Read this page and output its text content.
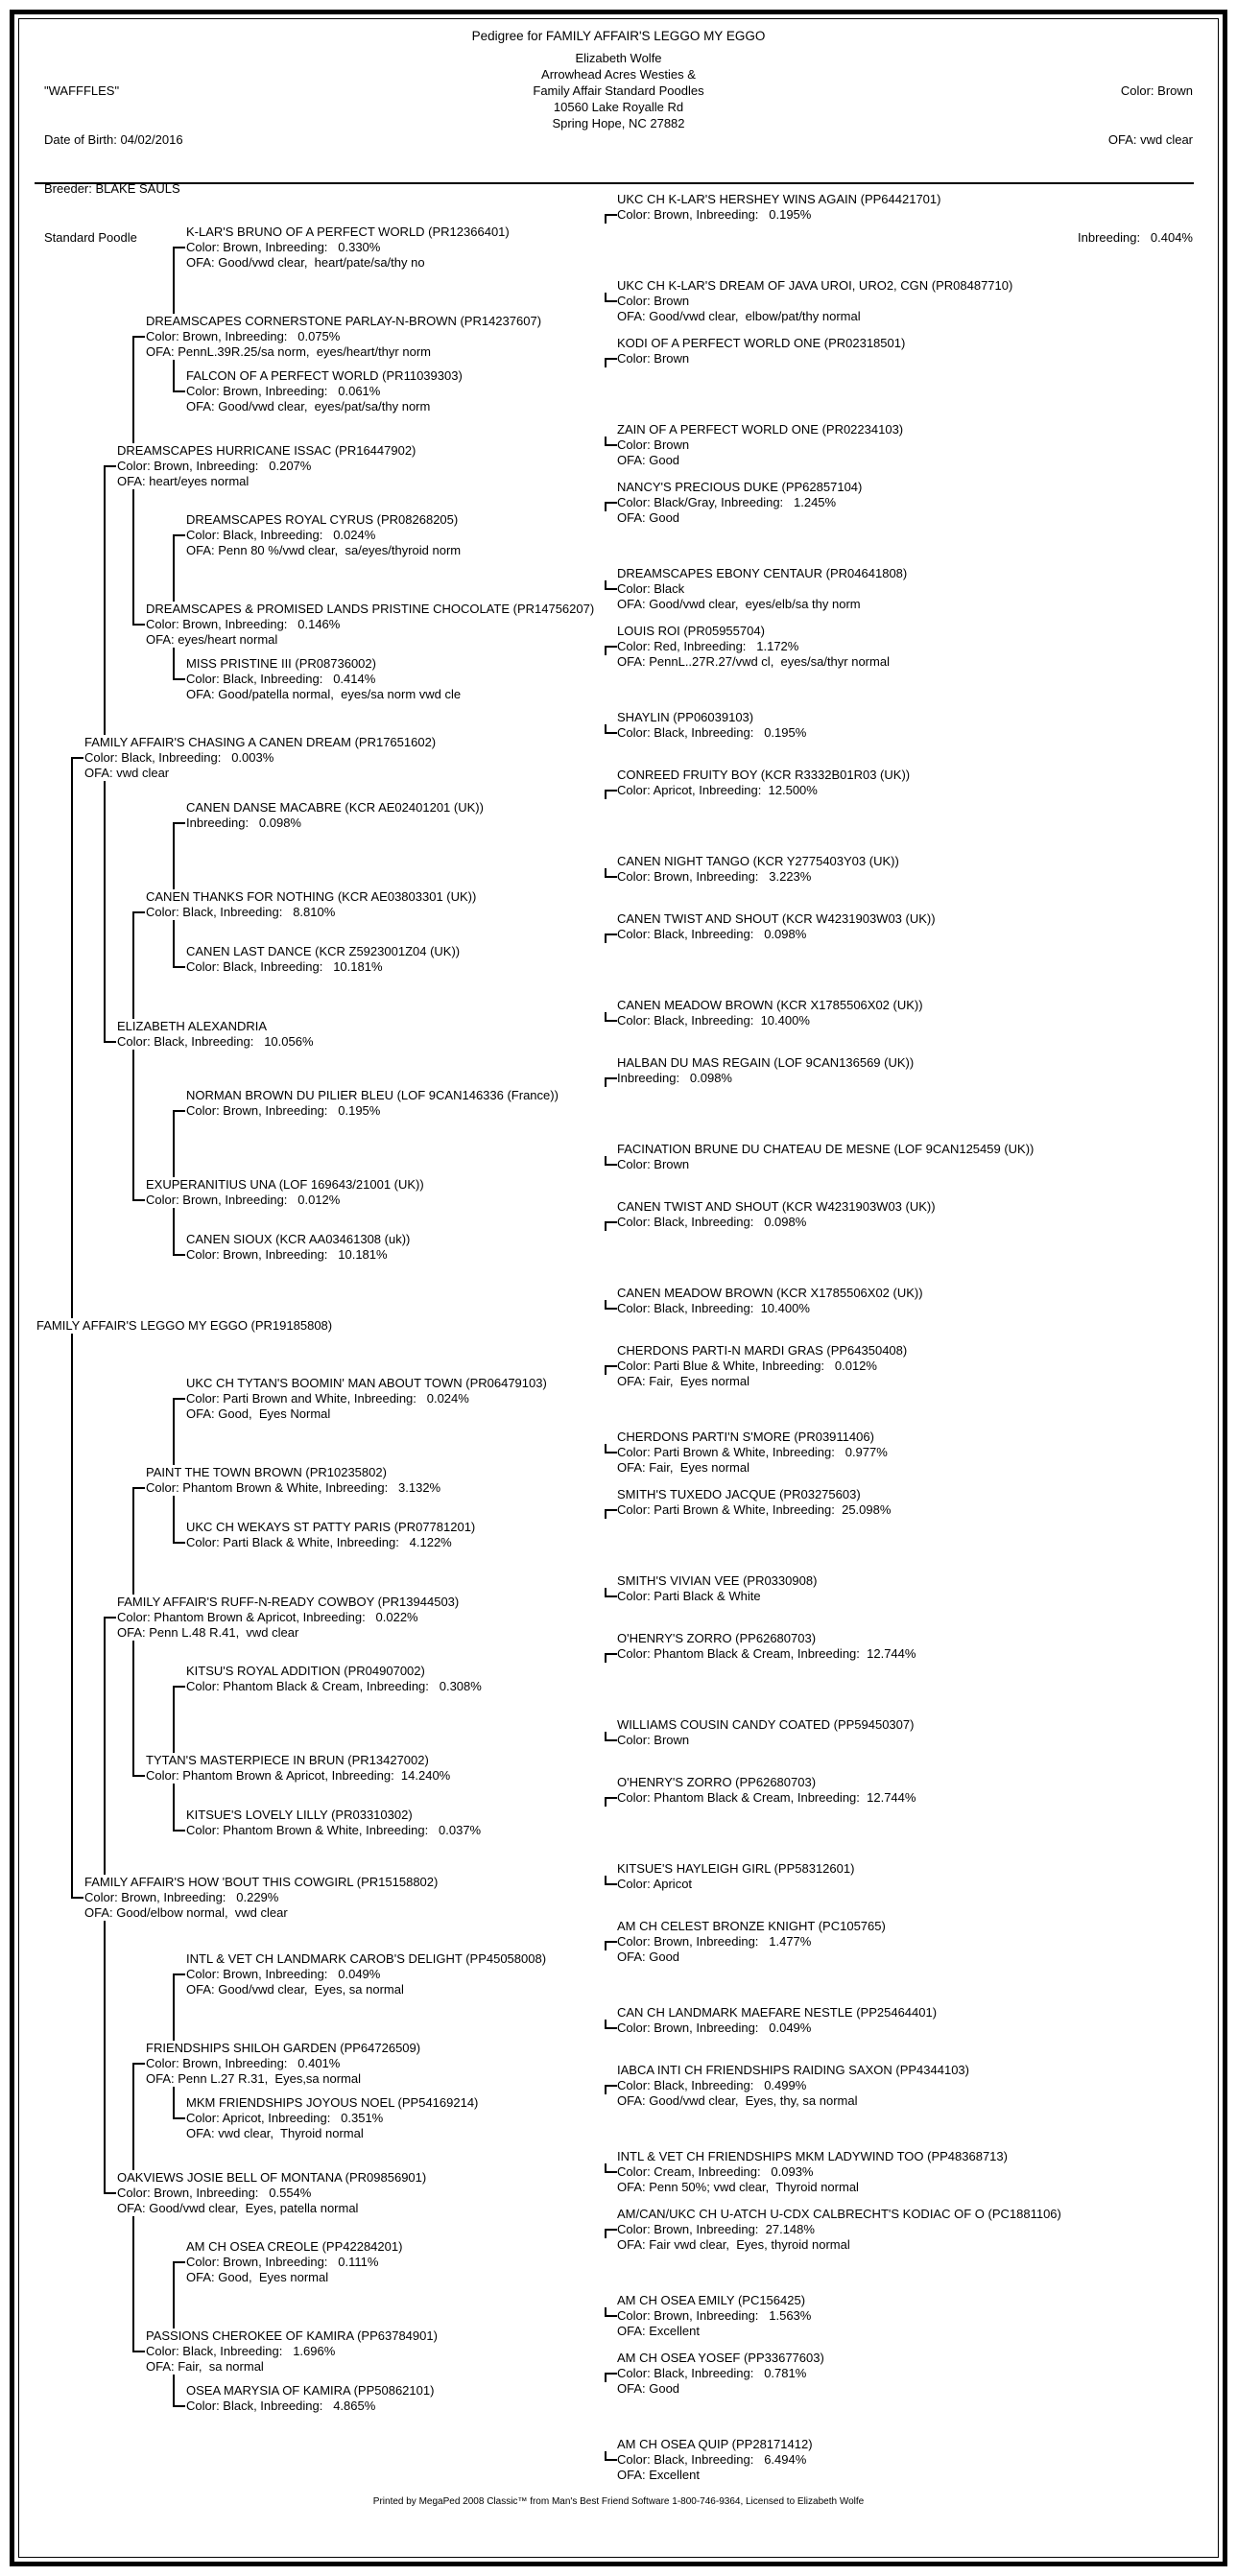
Pedigree for FAMILY AFFAIR'S LEGGO MY EGGO

"WAFFFLES"

Date of Birth: 04/02/2016

Breeder: BLAKE SAULS

Standard Poodle

Elizabeth Wolfe
Arrowhead Acres Westies &
Family Affair Standard Poodles
10560 Lake Royalle Rd
Spring Hope, NC 27882

Color: Brown

OFA: vwd clear

Inbreeding:   0.404%

FAMILY AFFAIR'S LEGGO MY EGGO (PR19185808)
FAMILY AFFAIR'S CHASING A CANEN DREAM (PR17651602)
Color: Black, Inbreeding:   0.003%
OFA: vwd clear
FAMILY AFFAIR'S HOW 'BOUT THIS COWGIRL (PR15158802)
Color: Brown, Inbreeding:   0.229%
OFA: Good/elbow normal,  vwd clear
DREAMSCAPES HURRICANE ISSAC (PR16447902)
Color: Brown, Inbreeding:   0.207%
OFA: heart/eyes normal
ELIZABETH ALEXANDRIA
Color: Black, Inbreeding:   10.056%
FAMILY AFFAIR'S RUFF-N-READY COWBOY (PR13944503)
Color: Phantom Brown & Apricot, Inbreeding:   0.022%
OFA: Penn L.48 R.41,  vwd clear
OAKVIEWS JOSIE BELL OF MONTANA (PR09856901)
Color: Brown, Inbreeding:   0.554%
OFA: Good/vwd clear,  Eyes, patella normal
DREAMSCAPES CORNERSTONE PARLAY-N-BROWN (PR14237607)
Color: Brown, Inbreeding:   0.075%
OFA: PennL.39R.25/sa norm,  eyes/heart/thyr norm
DREAMSCAPES & PROMISED LANDS PRISTINE CHOCOLATE (PR14756207)
Color: Brown, Inbreeding:   0.146%
OFA: eyes/heart normal
CANEN THANKS FOR NOTHING (KCR AE03803301 (UK))
Color: Black, Inbreeding:   8.810%
EXUPERANITIUS UNA (LOF 169643/21001 (UK))
Color: Brown, Inbreeding:   0.012%
PAINT THE TOWN BROWN (PR10235802)
Color: Phantom Brown & White, Inbreeding:   3.132%
TYTAN'S MASTERPIECE IN BRUN (PR13427002)
Color: Phantom Brown & Apricot, Inbreeding:  14.240%
FRIENDSHIPS SHILOH GARDEN (PP64726509)
Color: Brown, Inbreeding:   0.401%
OFA: Penn L.27 R.31,  Eyes,sa normal
PASSIONS CHEROKEE OF KAMIRA (PP63784901)
Color: Black, Inbreeding:   1.696%
OFA: Fair,  sa normal
K-LAR'S BRUNO OF A PERFECT WORLD (PR12366401)
Color: Brown, Inbreeding:   0.330%
OFA: Good/vwd clear,  heart/pate/sa/thy no
FALCON OF A PERFECT WORLD (PR11039303)
Color: Brown, Inbreeding:   0.061%
OFA: Good/vwd clear,  eyes/pat/sa/thy norm
DREAMSCAPES ROYAL CYRUS (PR08268205)
Color: Black, Inbreeding:   0.024%
OFA: Penn 80 %/vwd clear,  sa/eyes/thyroid norm
MISS PRISTINE III (PR08736002)
Color: Black, Inbreeding:   0.414%
OFA: Good/patella normal,  eyes/sa norm vwd cle
CANEN DANSE MACABRE (KCR AE02401201 (UK))
Inbreeding:   0.098%
CANEN LAST DANCE (KCR Z5923001Z04 (UK))
Color: Black, Inbreeding:   10.181%
NORMAN BROWN DU PILIER BLEU (LOF 9CAN146336 (France))
Color: Brown, Inbreeding:   0.195%
CANEN SIOUX (KCR AA03461308 (uk))
Color: Brown, Inbreeding:   10.181%
UKC CH TYTAN'S BOOMIN' MAN ABOUT TOWN (PR06479103)
Color: Parti Brown and White, Inbreeding:   0.024%
OFA: Good,  Eyes Normal
UKC CH WEKAYS ST PATTY PARIS (PR07781201)
Color: Parti Black & White, Inbreeding:   4.122%
KITSU'S ROYAL ADDITION (PR04907002)
Color: Phantom Black & Cream, Inbreeding:   0.308%
KITSUE'S LOVELY LILLY (PR03310302)
Color: Phantom Brown & White, Inbreeding:   0.037%
INTL & VET CH LANDMARK CAROB'S DELIGHT (PP45058008)
Color: Brown, Inbreeding:   0.049%
OFA: Good/vwd clear,  Eyes, sa normal
MKM FRIENDSHIPS JOYOUS NOEL (PP54169214)
Color: Apricot, Inbreeding:   0.351%
OFA: vwd clear,  Thyroid normal
AM CH OSEA CREOLE (PP42284201)
Color: Brown, Inbreeding:   0.111%
OFA: Good,  Eyes normal
OSEA MARYSIA OF KAMIRA (PP50862101)
Color: Black, Inbreeding:   4.865%
UKC CH K-LAR'S HERSHEY WINS AGAIN (PP64421701)
Color: Brown, Inbreeding:   0.195%
UKC CH K-LAR'S DREAM OF JAVA UROI, URO2, CGN (PR08487710)
Color: Brown
OFA: Good/vwd clear,  elbow/pat/thy normal
KODI OF A PERFECT WORLD ONE (PR02318501)
Color: Brown
ZAIN OF A PERFECT WORLD ONE (PR02234103)
Color: Brown
OFA: Good
NANCY'S PRECIOUS DUKE (PP62857104)
Color: Black/Gray, Inbreeding:   1.245%
OFA: Good
DREAMSCAPES EBONY CENTAUR (PR04641808)
Color: Black
OFA: Good/vwd clear,  eyes/elb/sa thy norm
LOUIS ROI (PR05955704)
Color: Red, Inbreeding:   1.172%
OFA: PennL..27R.27/vwd cl,  eyes/sa/thyr normal
SHAYLIN (PP06039103)
Color: Black, Inbreeding:   0.195%
CONREED FRUITY BOY (KCR R3332B01R03 (UK))
Color: Apricot, Inbreeding:  12.500%
CANEN NIGHT TANGO (KCR Y2775403Y03 (UK))
Color: Brown, Inbreeding:   3.223%
CANEN TWIST AND SHOUT (KCR W4231903W03 (UK))
Color: Black, Inbreeding:   0.098%
CANEN MEADOW BROWN (KCR X1785506X02 (UK))
Color: Black, Inbreeding:  10.400%
HALBAN DU MAS REGAIN (LOF 9CAN136569 (UK))
Inbreeding:   0.098%
FACINATION BRUNE DU CHATEAU DE MESNE (LOF 9CAN125459 (UK))
Color: Brown
CANEN TWIST AND SHOUT (KCR W4231903W03 (UK))
Color: Black, Inbreeding:   0.098%
CANEN MEADOW BROWN (KCR X1785506X02 (UK))
Color: Black, Inbreeding:  10.400%
CHERDONS PARTI-N MARDI GRAS (PP64350408)
Color: Parti Blue & White, Inbreeding:   0.012%
OFA: Fair,  Eyes normal
CHERDONS PARTI'N S'MORE (PR03911406)
Color: Parti Brown & White, Inbreeding:   0.977%
OFA: Fair,  Eyes normal
SMITH'S TUXEDO JACQUE (PR03275603)
Color: Parti Brown & White, Inbreeding:  25.098%
SMITH'S VIVIAN VEE (PR0330908)
Color: Parti Black & White
O'HENRY'S ZORRO (PP62680703)
Color: Phantom Black & Cream, Inbreeding:  12.744%
WILLIAMS COUSIN CANDY COATED (PP59450307)
Color: Brown
O'HENRY'S ZORRO (PP62680703)
Color: Phantom Black & Cream, Inbreeding:  12.744%
KITSUE'S HAYLEIGH GIRL (PP58312601)
Color: Apricot
AM CH CELEST BRONZE KNIGHT (PC105765)
Color: Brown, Inbreeding:   1.477%
OFA: Good
CAN CH LANDMARK MAEFARE NESTLE (PP25464401)
Color: Brown, Inbreeding:   0.049%
IABCA INTI CH FRIENDSHIPS RAIDING SAXON (PP4344103)
Color: Black, Inbreeding:   0.499%
OFA: Good/vwd clear,  Eyes, thy, sa normal
INTL & VET CH FRIENDSHIPS MKM LADYWIND TOO (PP48368713)
Color: Cream, Inbreeding:   0.093%
OFA: Penn 50%; vwd clear,  Thyroid normal
AM/CAN/UKC CH U-ATCH U-CDX CALBRECHT'S KODIAC OF O (PC1881106)
Color: Brown, Inbreeding:  27.148%
OFA: Fair vwd clear,  Eyes, thyroid normal
AM CH OSEA EMILY (PC156425)
Color: Brown, Inbreeding:   1.563%
OFA: Excellent
AM CH OSEA YOSEF (PP33677603)
Color: Black, Inbreeding:   0.781%
OFA: Good
AM CH OSEA QUIP (PP28171412)
Color: Black, Inbreeding:   6.494%
OFA: Excellent
Printed by MegaPed 2008 Classic™ from Man's Best Friend Software 1-800-746-9364, Licensed to Elizabeth Wolfe
